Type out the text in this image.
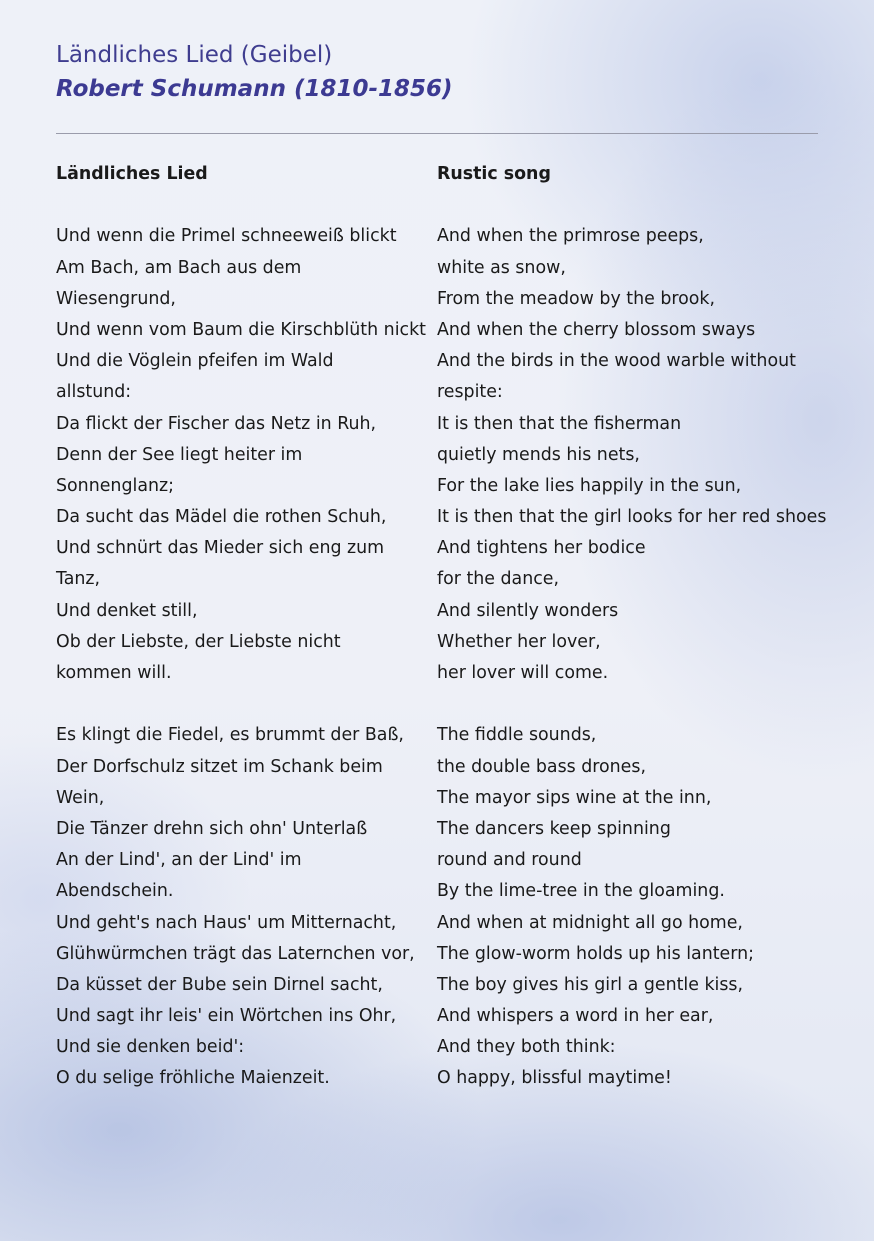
Ländliches Lied (Geibel)
Robert Schumann (1810-1856)
Ländliches Lied
Und wenn die Primel schneeweiß blickt
Am Bach, am Bach aus dem
Wiesengrund,
Und wenn vom Baum die Kirschblüth nickt
Und die Vöglein pfeifen im Wald
allstund:
Da flickt der Fischer das Netz in Ruh,
Denn der See liegt heiter im
Sonnenglanz;
Da sucht das Mädel die rothen Schuh,
Und schnürt das Mieder sich eng zum
Tanz,
Und denket still,
Ob der Liebste, der Liebste nicht
kommen will.
Es klingt die Fiedel, es brummt der Baß,
Der Dorfschulz sitzet im Schank beim
Wein,
Die Tänzer drehn sich ohn' Unterlaß
An der Lind', an der Lind' im
Abendschein.
Und geht's nach Haus' um Mitternacht,
Glühwürmchen trägt das Laternchen vor,
Da küsset der Bube sein Dirnel sacht,
Und sagt ihr leis' ein Wörtchen ins Ohr,
Und sie denken beid':
O du selige fröhliche Maienzeit.
Rustic song
And when the primrose peeps,
white as snow,
From the meadow by the brook,
And when the cherry blossom sways
And the birds in the wood warble without
respite:
It is then that the fisherman
quietly mends his nets,
For the lake lies happily in the sun,
It is then that the girl looks for her red shoes
And tightens her bodice
for the dance,
And silently wonders
Whether her lover,
her lover will come.
The fiddle sounds,
the double bass drones,
The mayor sips wine at the inn,
The dancers keep spinning
round and round
By the lime-tree in the gloaming.
And when at midnight all go home,
The glow-worm holds up his lantern;
The boy gives his girl a gentle kiss,
And whispers a word in her ear,
And they both think:
O happy, blissful maytime!
